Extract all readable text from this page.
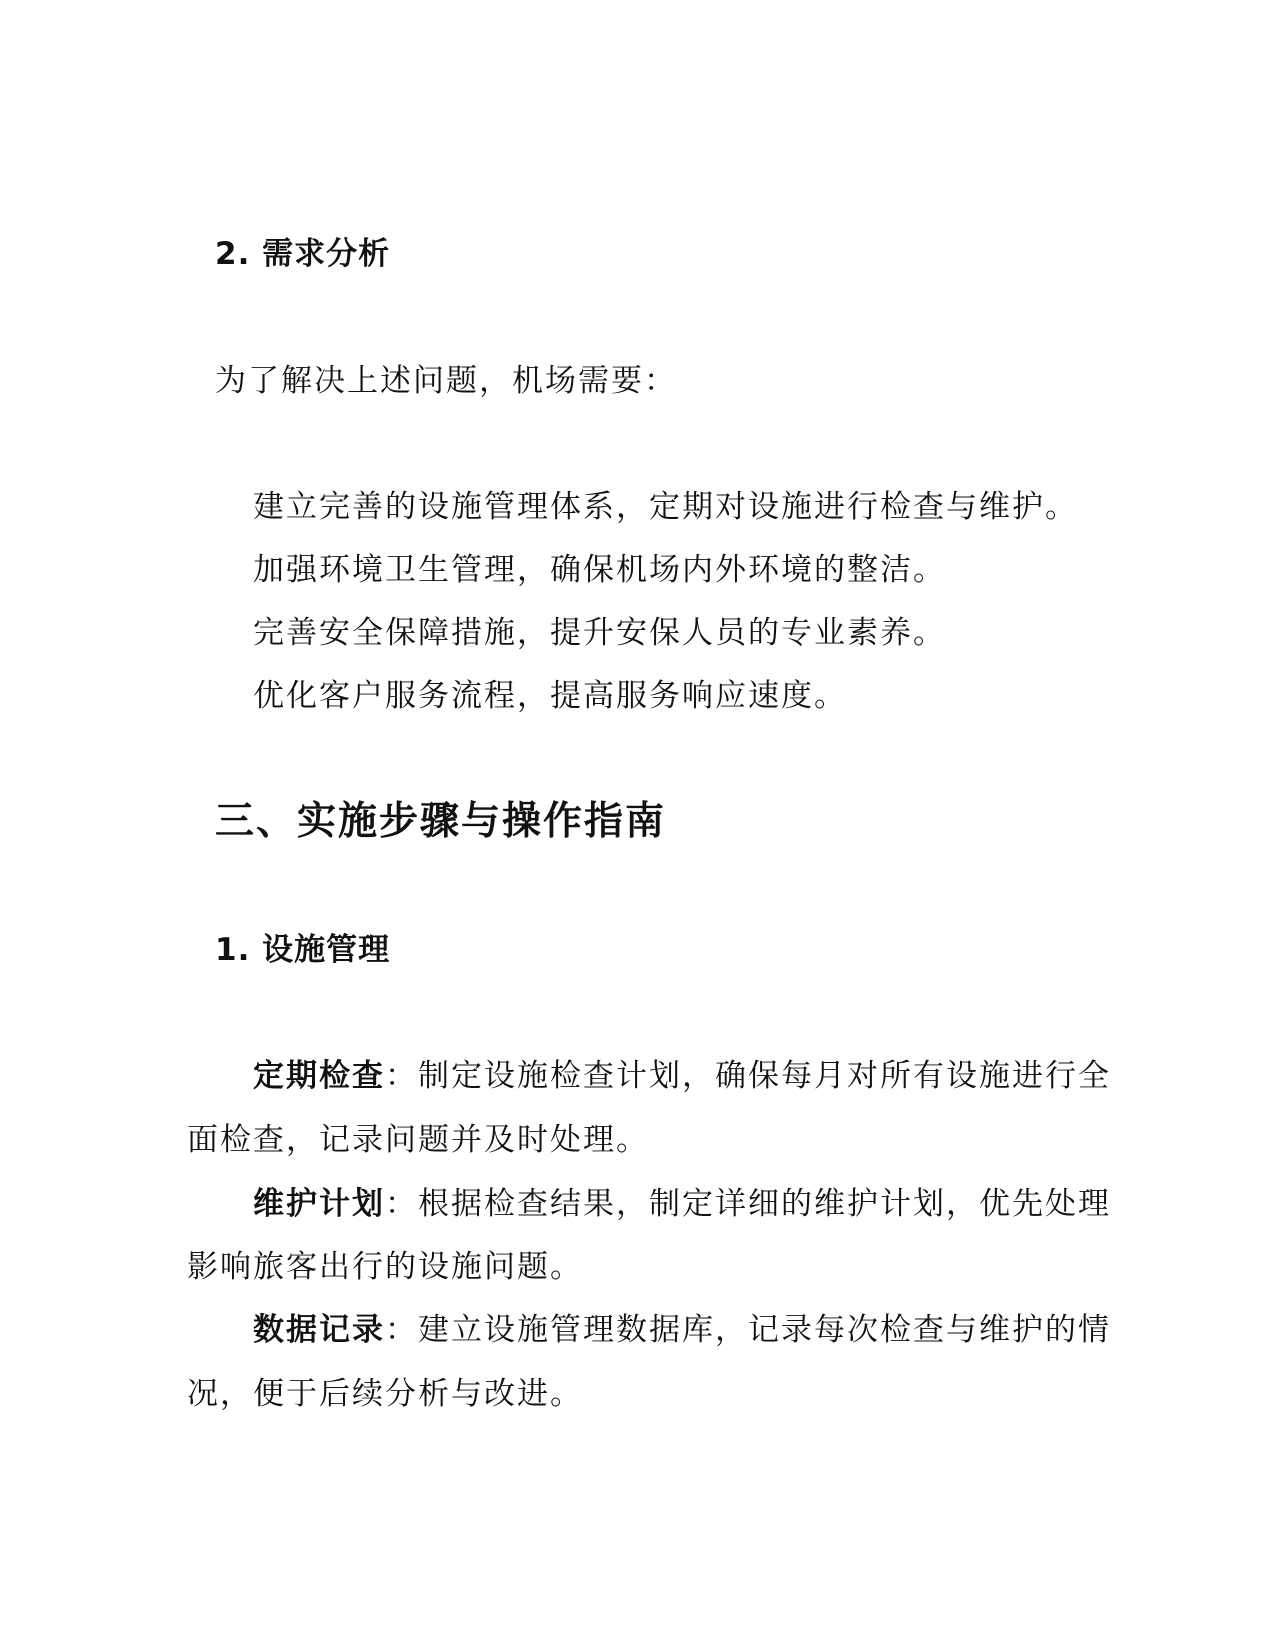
2. 需求分析

为了解决上述问题，机场需要：

建立完善的设施管理体系，定期对设施进行检查与维护。

加强环境卫生管理，确保机场内外环境的整洁。

完善安全保障措施，提升安保人员的专业素养。

优化客户服务流程，提高服务响应速度。

三、实施步骤与操作指南
1. 设施管理

定期检查：制定设施检查计划，确保每月对所有设施进行全

面检查，记录问题并及时处理。

维护计划：根据检查结果，制定详细的维护计划，优先处理

影响旅客出行的设施问题。

数据记录：建立设施管理数据库，记录每次检查与维护的情

况，便于后续分析与改进。
